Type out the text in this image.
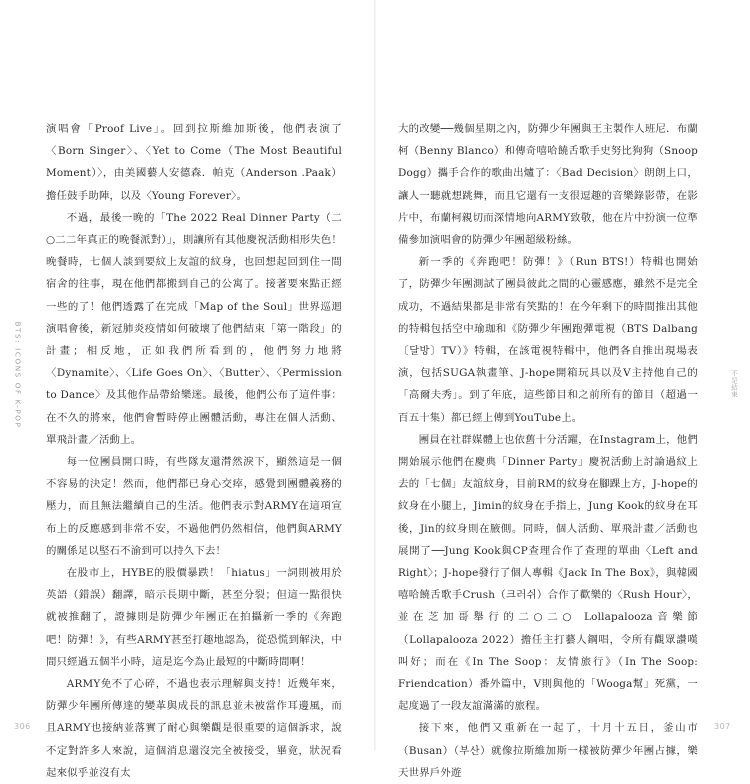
BTS: ICONS OF K-POP

演唱會「Proof Live」。回到拉斯維加斯後，他們表演了〈Born Singer〉、〈Yet to Come（The Most Beautiful Moment）〉，由美國藝人安德森．帕克（Anderson .Paak）擔任鼓手助陣，以及〈Young Forever〉。

不過，最後一晚的「The 2022 Real Dinner Party（二○二二年真正的晚餐派對）」，則讓所有其他慶祝活動相形失色！晚餐時，七個人談到要紋上友誼的紋身，也回想起回到住一間宿舍的往事，現在他們都搬到自己的公寓了。接著要來點正經一些的了！他們透露了在完成「Map of the Soul」世界巡迴演唱會後，新冠肺炎疫情如何破壞了他們結束「第一階段」的計畫；相反地，正如我們所看到的，他們努力地將〈Dynamite〉、〈Life Goes On〉、〈Butter〉、〈Permission to Dance〉及其他作品帶給樂迷。最後，他們公布了這件事：在不久的將來，他們會暫時停止團體活動，專注在個人活動、單飛計畫／活動上。

每一位團員開口時，有些隊友還潸然淚下，顯然這是一個不容易的決定！然而，他們都已身心交瘁，感覺到團體義務的壓力，而且無法繼續自己的生活。他們表示對ARMY在這項宣布上的反應感到非常不安，不過他們仍然相信，他們與ARMY的關係足以堅石不渝到可以持久下去！

在股市上，HYBE的股價暴跌！「hiatus」一詞則被用於英語（錯誤）翻譯，暗示長期中斷，甚至分裂；但這一點很快就被推翻了，證據則是防彈少年團正在拍攝新一季的《奔跑吧！防彈！》，有些ARMY甚至打趣地認為，從恐慌到解決，中間只經過五個半小時，這是迄今為止最短的中斷時間啊！

ARMY免不了心碎，不過也表示理解與支持！近幾年來，防彈少年團所傳達的變革與成長的訊息並未被當作耳邊風，而且ARMY也接納並落實了耐心與樂觀是很重要的這個訴求，說不定對許多人來說，這個消息還沒完全被接受，畢竟，狀況看起來似乎並沒有太

306
不是結束

大的改變──幾個星期之內，防彈少年團與王主製作人班尼．布蘭柯（Benny Blanco）和傳奇嘻哈饒舌歌手史努比狗狗（Snoop Dogg）攜手合作的歌曲出爐了：〈Bad Decision〉朗朗上口，讓人一聽就想跳舞，而且它還有一支很逗趣的音樂錄影帶，在影片中，布蘭柯親切而深情地向ARMY致敬，他在片中扮演一位準備參加演唱會的防彈少年團超級粉絲。

新一季的《奔跑吧！防彈！》（Run BTS!）特輯也開始了，防彈少年團測試了團員彼此之間的心靈感應，雖然不是完全成功，不過結果都是非常有笑點的！在今年剩下的時間推出其他的特輯包括空中瑜珈和《防彈少年團跑彈電視（BTS Dalbang〔달방〕TV）》特輯，在該電視特輯中，他們各自推出現場表演，包括SUGA執畫筆、J-hope開箱玩具以及V主持他自己的「高爾夫秀」。到了年底，這些節目和之前所有的節目（超過一百五十集）都已經上傳到YouTube上。

團員在社群媒體上也依舊十分活躍，在Instagram上，他們開始展示他們在慶典「Dinner Party」慶祝活動上討論過紋上去的「七個」友誼紋身，目前RM的紋身在腳踝上方，J-hope的紋身在小腿上，Jimin的紋身在手指上，Jung Kook的紋身在耳後，Jin的紋身則在腋側。同時，個人活動、單飛計畫／活動也展開了──Jung Kook與CP查理合作了查理的單曲〈Left and Right〉；J-hope發行了個人專輯《Jack In The Box》，與韓國嘻哈饒舌歌手Crush（크러쉬）合作了歡樂的〈Rush Hour〉，並在芝加哥舉行的二○二○ Lollapalooza音樂節（Lollapalooza 2022）擔任主打藝人鋼唱，令所有觀眾讚嘆叫好；而在《In The Soop：友情旅行》（In The Soop: Friendcation）番外篇中，V則與他的「Wooga幫」死黨，一起度過了一段友誼滿滿的旅程。

接下來，他們又重新在一起了，十月十五日，釜山市（Busan）（부산）就像拉斯維加斯一樣被防彈少年團占據，樂天世界戶外遊

307
